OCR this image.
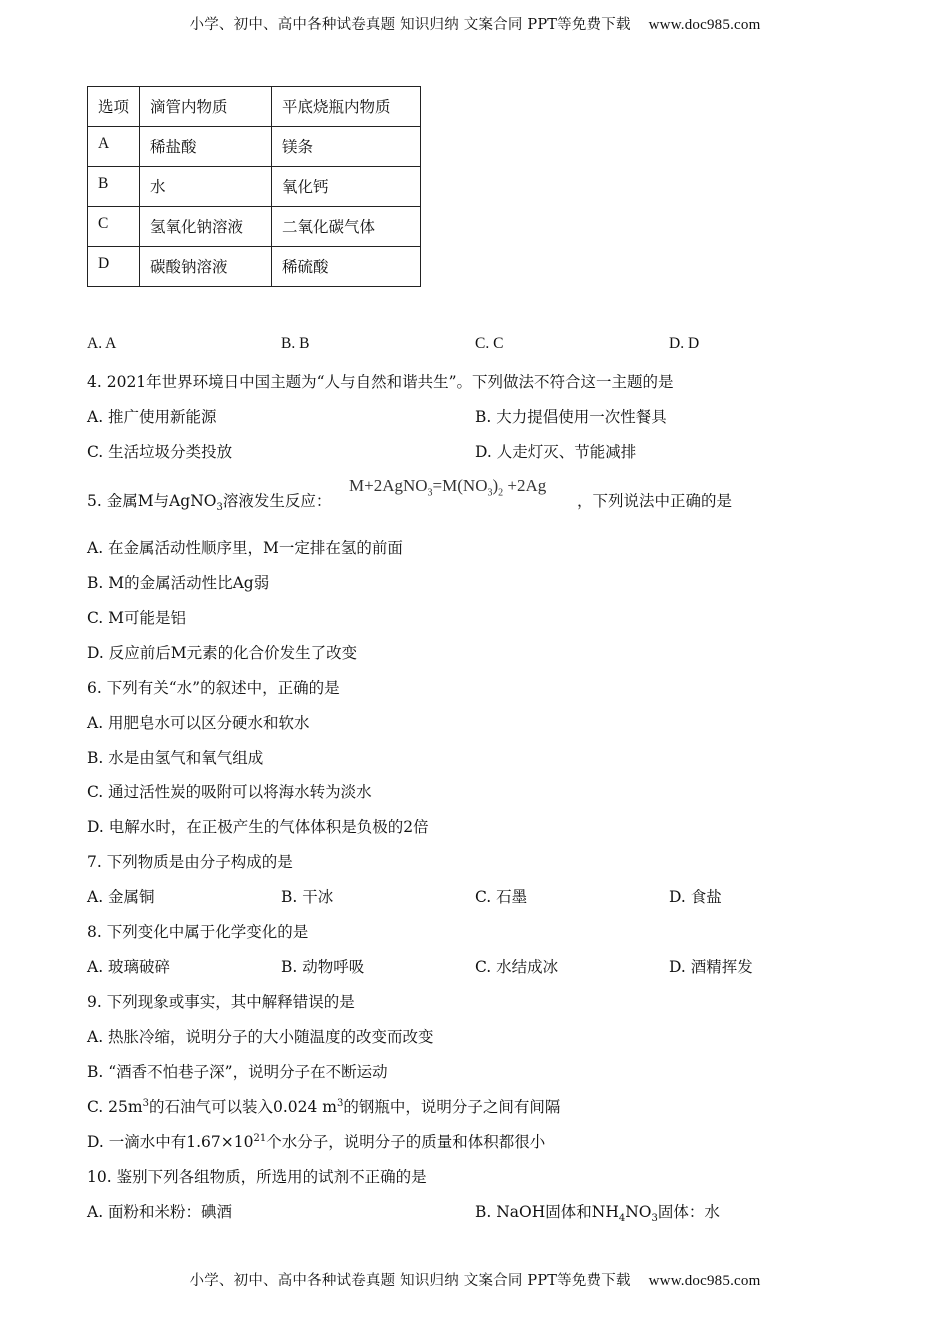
小学、初中、高中各种试卷真题 知识归纳 文案合同 PPT等免费下载 www.doc985.com
选项	滴管内物质	平底烧瓶内物质
A	稀盐酸	镁条
B	水	氧化钙
C	氢氧化钠溶液	二氧化碳气体
D	碳酸钠溶液	稀硫酸
A. A	B. B	C. C	D. D
4. 2021年世界环境日中国主题为“人与自然和谐共生”。下列做法不符合这一主题的是
A. 推广使用新能源	B. 大力提倡使用一次性餐具
C. 生活垃圾分类投放	D. 人走灯灭、节能减排
5. 金属M与AgNO$_3$溶液发生反应：
$M+2AgNO_3=M(NO_3)_2 +2Ag$
，下列说法中正确的是
A. 在金属活动性顺序里，M一定排在氢的前面
B. M的金属活动性比Ag弱
C. M可能是铝
D. 反应前后M元素的化合价发生了改变
6. 下列有关“水”的叙述中，正确的是
A. 用肥皂水可以区分硬水和软水
B. 水是由氢气和氧气组成
C. 通过活性炭的吸附可以将海水转为淡水
D. 电解水时，在正极产生的气体体积是负极的2倍
7. 下列物质是由分子构成的是
A. 金属铜	B. 干冰	C. 石墨	D. 食盐
8. 下列变化中属于化学变化的是
A. 玻璃破碎	B. 动物呼吸	C. 水结成冰	D. 酒精挥发
9. 下列现象或事实，其中解释错误的是
A. 热胀冷缩，说明分子的大小随温度的改变而改变
B. “酒香不怕巷子深”，说明分子在不断运动
C. $25m^3$的石油气可以装入0.024 $m^3$的钢瓶中，说明分子之间有间隔
D. 一滴水中有$1.67\times 10^{21}$个水分子，说明分子的质量和体积都很小
10. 鉴别下列各组物质，所选用的试剂不正确的是
A. 面粉和米粉：碘酒	B. NaOH固体和$NH_4NO_3$固体：水
小学、初中、高中各种试卷真题 知识归纳 文案合同 PPT等免费下载 www.doc985.com
